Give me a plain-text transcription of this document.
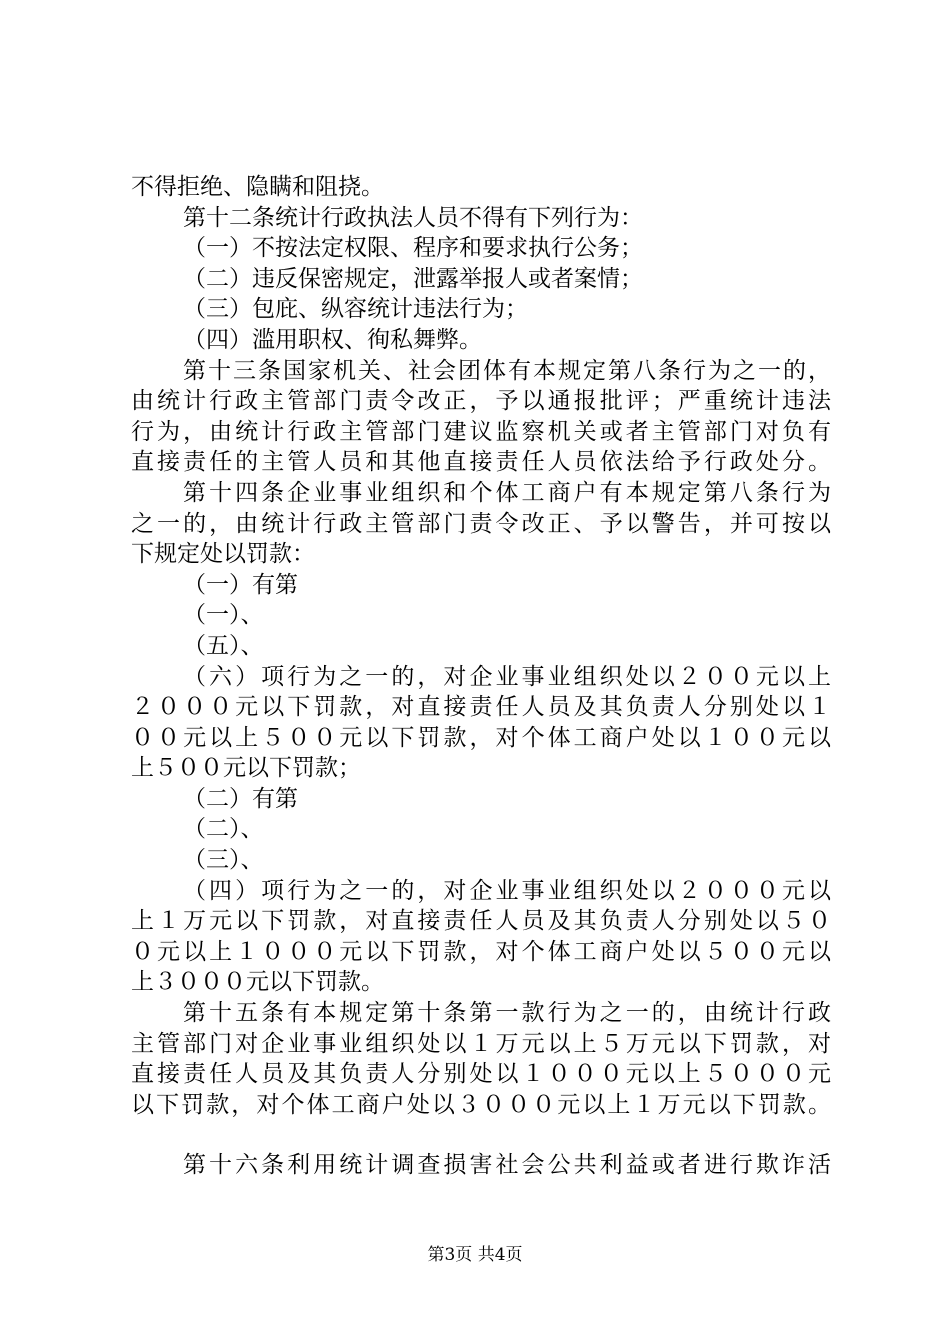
不得拒绝、隐瞒和阻挠。
第十二条统计行政执法人员不得有下列行为：
（一）不按法定权限、程序和要求执行公务；
（二）违反保密规定，泄露举报人或者案情；
（三）包庇、纵容统计违法行为；
（四）滥用职权、徇私舞弊。
第十三条国家机关、社会团体有本规定第八条行为之一的，
由统计行政主管部门责令改正，予以通报批评；严重统计违法
行为，由统计行政主管部门建议监察机关或者主管部门对负有
直接责任的主管人员和其他直接责任人员依法给予行政处分。
第十四条企业事业组织和个体工商户有本规定第八条行为
之一的，由统计行政主管部门责令改正、予以警告，并可按以
下规定处以罚款：
（一）有第
（一）、
（五）、
（六）项行为之一的，对企业事业组织处以２００元以上
２０００元以下罚款，对直接责任人员及其负责人分别处以１
００元以上５００元以下罚款，对个体工商户处以１００元以
上５００元以下罚款；
（二）有第
（二）、
（三）、
（四）项行为之一的，对企业事业组织处以２０００元以
上１万元以下罚款，对直接责任人员及其负责人分别处以５０
０元以上１０００元以下罚款，对个体工商户处以５００元以
上３０００元以下罚款。
第十五条有本规定第十条第一款行为之一的，由统计行政
主管部门对企业事业组织处以１万元以上５万元以下罚款，对
直接责任人员及其负责人分别处以１０００元以上５０００元
以下罚款，对个体工商户处以３０００元以上１万元以下罚款。
第十六条利用统计调查损害社会公共利益或者进行欺诈活
第3页 共4页
